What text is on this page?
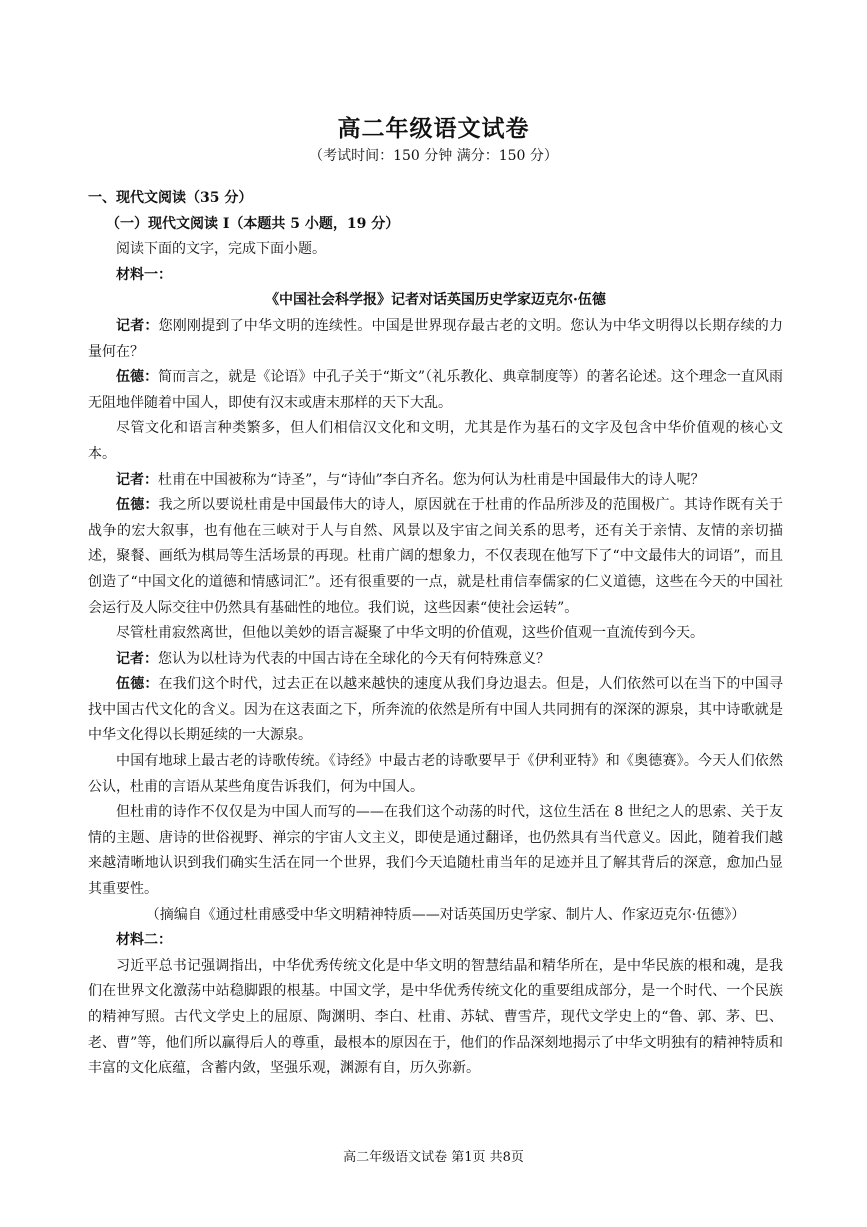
高二年级语文试卷
（考试时间：150 分钟 满分：150 分）

一、现代文阅读（35 分）

（一）现代文阅读 I（本题共 5 小题，19 分）

阅读下面的文字，完成下面小题。

材料一：

《中国社会科学报》记者对话英国历史学家迈克尔·伍德

记者：您刚刚提到了中华文明的连续性。中国是世界现存最古老的文明。您认为中华文明得以长期存续的力量何在？

伍德：简而言之，就是《论语》中孔子关于“斯文”（礼乐教化、典章制度等）的著名论述。这个理念一直风雨无阻地伴随着中国人，即使有汉末或唐末那样的天下大乱。

尽管文化和语言种类繁多，但人们相信汉文化和文明，尤其是作为基石的文字及包含中华价值观的核心文本。

记者：杜甫在中国被称为“诗圣”，与“诗仙”李白齐名。您为何认为杜甫是中国最伟大的诗人呢？

伍德：我之所以要说杜甫是中国最伟大的诗人，原因就在于杜甫的作品所涉及的范围极广。其诗作既有关于战争的宏大叙事，也有他在三峡对于人与自然、风景以及宇宙之间关系的思考，还有关于亲情、友情的亲切描述，聚餐、画纸为棋局等生活场景的再现。杜甫广阔的想象力，不仅表现在他写下了“中文最伟大的词语”，而且创造了“中国文化的道德和情感词汇”。还有很重要的一点，就是杜甫信奉儒家的仁义道德，这些在今天的中国社会运行及人际交往中仍然具有基础性的地位。我们说，这些因素“使社会运转”。

尽管杜甫寂然离世，但他以美妙的语言凝聚了中华文明的价值观，这些价值观一直流传到今天。

记者：您认为以杜诗为代表的中国古诗在全球化的今天有何特殊意义？

伍德：在我们这个时代，过去正在以越来越快的速度从我们身边退去。但是，人们依然可以在当下的中国寻找中国古代文化的含义。因为在这表面之下，所奔流的依然是所有中国人共同拥有的深深的源泉，其中诗歌就是中华文化得以长期延续的一大源泉。

中国有地球上最古老的诗歌传统。《诗经》中最古老的诗歌要早于《伊利亚特》和《奥德赛》。今天人们依然公认，杜甫的言语从某些角度告诉我们，何为中国人。

但杜甫的诗作不仅仅是为中国人而写的——在我们这个动荡的时代，这位生活在 8 世纪之人的思索、关于友情的主题、唐诗的世俗视野、禅宗的宇宙人文主义，即使是通过翻译，也仍然具有当代意义。因此，随着我们越来越清晰地认识到我们确实生活在同一个世界，我们今天追随杜甫当年的足迹并且了解其背后的深意，愈加凸显其重要性。

（摘编自《通过杜甫感受中华文明精神特质——对话英国历史学家、制片人、作家迈克尔·伍德》）

材料二：

习近平总书记强调指出，中华优秀传统文化是中华文明的智慧结晶和精华所在，是中华民族的根和魂，是我们在世界文化激荡中站稳脚跟的根基。中国文学，是中华优秀传统文化的重要组成部分，是一个时代、一个民族的精神写照。古代文学史上的屈原、陶渊明、李白、杜甫、苏轼、曹雪芹，现代文学史上的“鲁、郭、茅、巴、老、曹”等，他们所以赢得后人的尊重，最根本的原因在于，他们的作品深刻地揭示了中华文明独有的精神特质和丰富的文化底蕴，含蓄内敛，坚强乐观，渊源有自，历久弥新。

高二年级语文试卷 第1页 共8页
